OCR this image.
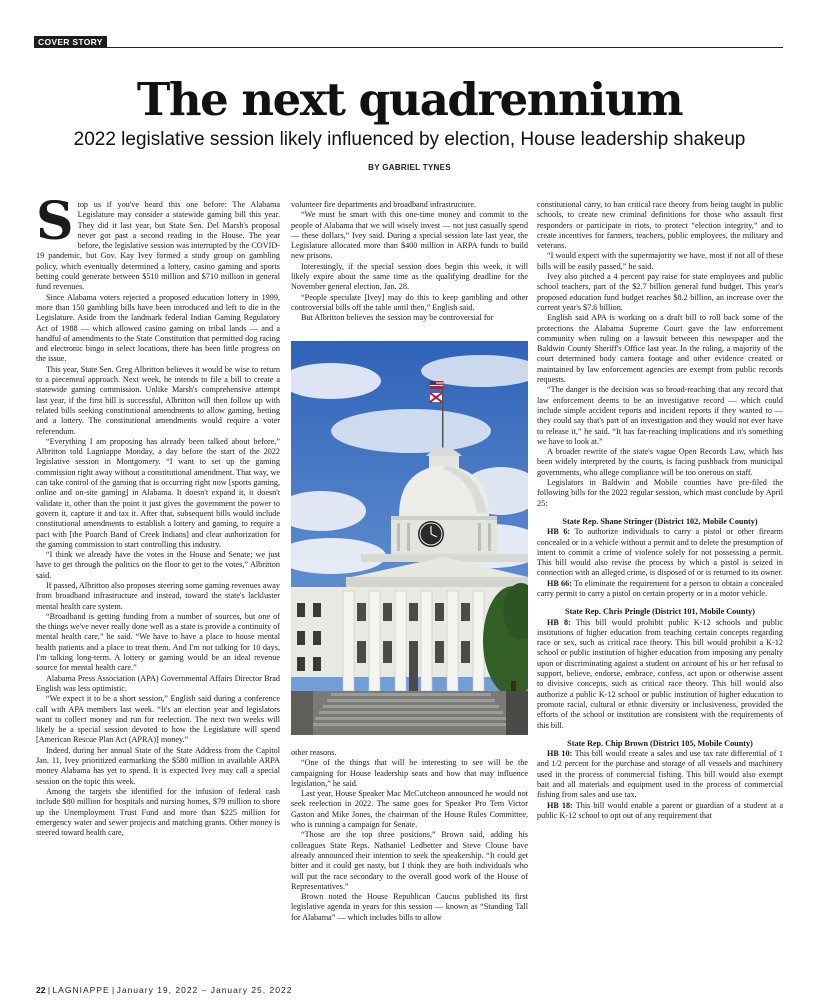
COVER STORY
The next quadrennium
2022 legislative session likely influenced by election, House leadership shakeup
BY GABRIEL TYNES

Stop us if you've heard this one before: The Alabama Legislature may consider a statewide gaming bill this year. They did it last year, but State Sen. Del Marsh's proposal never got past a second reading in the House. The year before, the legislative session was interrupted by the COVID-19 pandemic, but Gov. Kay Ivey formed a study group on gambling policy, which eventually determined a lottery, casino gaming and sports betting could generate between $510 million and $710 million in general fund revenues.

Since Alabama voters rejected a proposed education lottery in 1999, more than 150 gambling bills have been introduced and left to die in the Legislature. Aside from the landmark federal Indian Gaming Regulatory Act of 1988 — which allowed casino gaming on tribal lands — and a handful of amendments to the State Constitution that permitted dog racing and electronic bingo in select locations, there has been little progress on the issue.

This year, State Sen. Greg Albritton believes it would be wise to return to a piecemeal approach. Next week, he intends to file a bill to create a statewide gaming commission. Unlike Marsh's comprehensive attempt last year, if the first bill is successful, Albritton will then follow up with related bills seeking constitutional amendments to allow gaming, betting and a lottery. The constitutional amendments would require a voter referendum.

“Everything I am proposing has already been talked about before,” Albritton told Lagniappe Monday, a day before the start of the 2022 legislative session in Montgomery. “I want to set up the gaming commission right away without a constitutional amendment. That way, we can take control of the gaming that is occurring right now [sports gaming, online and on-site gaming] in Alabama. It doesn't expand it, it doesn't validate it, other than the point it just gives the government the power to govern it, capture it and tax it. After that, subsequent bills would include constitutional amendments to establish a lottery and gaming, to require a pact with [the Poarch Band of Creek Indians] and clear authorization for the gaming commission to start controlling this industry.

“I think we already have the votes in the House and Senate; we just have to get through the politics on the floor to get to the votes,” Albritton said.

If passed, Albritton also proposes steering some gaming revenues away from broadband infrastructure and instead, toward the state's lackluster mental health care system.

“Broadband is getting funding from a number of sources, but one of the things we've never really done well as a state is provide a continuity of mental health care,” he said. “We have to have a place to house mental health patients and a place to treat them. And I'm not talking for 10 days, I'm talking long-term. A lottery or gaming would be an ideal revenue source for mental health care.”

Alabama Press Association (APA) Governmental Affairs Director Brad English was less optimistic.

“We expect it to be a short session,” English said during a conference call with APA members last week. “It's an election year and legislators want to collect money and run for reelection. The next two weeks will likely be a special session devoted to how the Legislature will spend [American Rescue Plan Act (APRA)] money.”

Indeed, during her annual State of the State Address from the Capitol Jan. 11, Ivey prioritized earmarking the $580 million in available ARPA money Alabama has yet to spend. It is expected Ivey may call a special session on the topic this week.

Among the targets she identified for the infusion of federal cash include $80 million for hospitals and nursing homes, $79 million to shore up the Unemployment Trust Fund and more than $225 million for emergency water and sewer projects and matching grants. Other money is steered toward health care,

volunteer fire departments and broadband infrastructure.

“We must be smart with this one-time money and commit to the people of Alabama that we will wisely invest — not just casually spend — these dollars,” Ivey said. During a special session late last year, the Legislature allocated more than $400 million in ARPA funds to build new prisons.

Interestingly, if the special session does begin this week, it will likely expire about the same time as the qualifying deadline for the November general election, Jan. 28.

“People speculate [Ivey] may do this to keep gambling and other controversial bills off the table until then,” English said.

But Albritton believes the session may be controversial for

other reasons.

“One of the things that will be interesting to see will be the campaigning for House leadership seats and how that may influence legislation,” he said.

Last year, House Speaker Mac McCutcheon announced he would not seek reelection in 2022. The same goes for Speaker Pro Tem Victor Gaston and Mike Jones, the chairman of the House Rules Committee, who is running a campaign for Senate.

“Those are the top three positions,” Brown said, adding his colleagues State Reps. Nathaniel Ledbetter and Steve Clouse have already announced their intention to seek the speakership. “It could get bitter and it could get nasty, but I think they are both individuals who will put the race secondary to the overall good work of the House of Representatives.”

Brown noted the House Republican Caucus published its first legislative agenda in years for this session — known as “Standing Tall for Alabama” — which includes bills to allow

constitutional carry, to ban critical race theory from being taught in public schools, to create new criminal definitions for those who assault first responders or participate in riots, to protect “election integrity,” and to create incentives for farmers, teachers, public employees, the military and veterans.

“I would expect with the supermajority we have, most if not all of these bills will be easily passed,” he said.

Ivey also pitched a 4 percent pay raise for state employees and public school teachers, part of the $2.7 billion general fund budget. This year's proposed education fund budget reaches $8.2 billion, an increase over the current year's $7.6 billion.

English said APA is working on a draft bill to roll back some of the protections the Alabama Supreme Court gave the law enforcement community when ruling on a lawsuit between this newspaper and the Baldwin County Sheriff's Office last year. In the ruling, a majority of the court determined body camera footage and other evidence created or maintained by law enforcement agencies are exempt from public records requests.

“The danger is the decision was so broad-reaching that any record that law enforcement deems to be an investigative record — which could include simple accident reports and incident reports if they wanted to — they could say that's part of an investigation and they would not ever have to release it,” he said. “It has far-reaching implications and it's something we have to look at.”

A broader rewrite of the state's vague Open Records Law, which has been widely interpreted by the courts, is facing pushback from municipal governments, who allege compliance will be too onerous on staff.

Legislators in Baldwin and Mobile counties have pre-filed the following bills for the 2022 regular session, which must conclude by April 25:

State Rep. Shane Stringer (District 102, Mobile County)

HB 6: To authorize individuals to carry a pistol or other firearm concealed or in a vehicle without a permit and to delete the presumption of intent to commit a crime of violence solely for not possessing a permit. This bill would also revise the process by which a pistol is seized in connection with an alleged crime, is disposed of or is returned to its owner.

HB 66: To eliminate the requirement for a person to obtain a concealed carry permit to carry a pistol on certain property or in a motor vehicle.

State Rep. Chris Pringle (District 101, Mobile County)

HB 8: This bill would prohibit public K-12 schools and public institutions of higher education from teaching certain concepts regarding race or sex, such as critical race theory. This bill would prohibit a K-12 school or public institution of higher education from imposing any penalty upon or discriminating against a student on account of his or her refusal to support, believe, endorse, embrace, confess, act upon or otherwise assent to divisive concepts, such as critical race theory. This bill would also authorize a public K-12 school or public institution of higher education to promote racial, cultural or ethnic diversity or inclusiveness, provided the efforts of the school or institution are consistent with the requirements of this bill.

State Rep. Chip Brown (District 105, Mobile County)

HB 10: This bill would create a sales and use tax rate differential of 1 and 1/2 percent for the purchase and storage of all vessels and machinery used in the process of commercial fishing. This bill would also exempt bait and all materials and equipment used in the process of commercial fishing from sales and use tax.

HB 18: This bill would enable a parent or guardian of a student at a public K-12 school to opt out of any requirement that

22 | LAGNIAPPE | January 19, 2022 – January 25, 2022
